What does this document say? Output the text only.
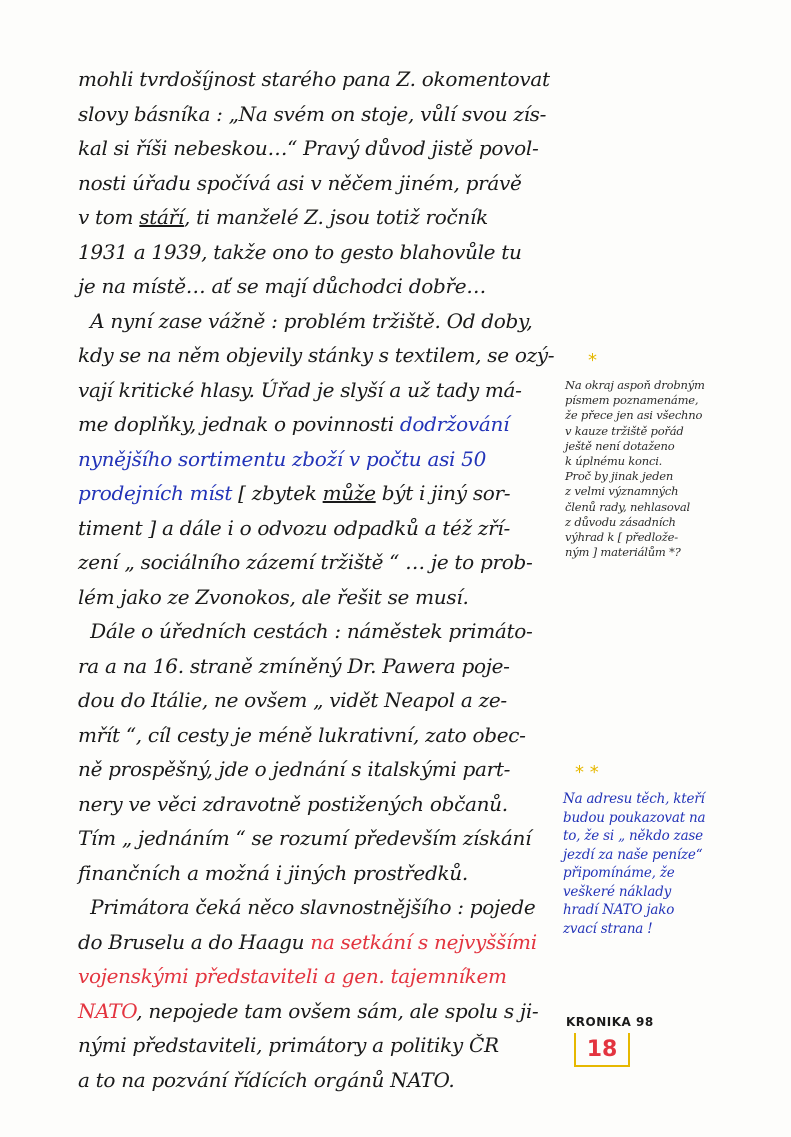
mohli tvrdošíjnost starého pana Z. okomentovat
slovy básníka : „Na svém on stoje, vůlí svou zís-
kal si říši nebeskou…“ Pravý důvod jistě povol-
nosti úřadu spočívá asi v něčem jiném, právě
v tom stáří, ti manželé Z. jsou totiž ročník
1931 a 1939, takže ono to gesto blahovůle tu
je na místě… ať se mají důchodci dobře…
A nyní zase vážně : problém tržiště. Od doby,
kdy se na něm objevily stánky s textilem, se ozý-
vají kritické hlasy. Úřad je slyší a už tady má-
me doplňky, jednak o povinnosti dodržování
nynějšího sortimentu zboží v počtu asi 50
prodejních míst [ zbytek může být i jiný sor-
timent ] a dále i o odvozu odpadků a též zří-
zení „ sociálního zázemí tržiště “ … je to prob-
lém jako ze Zvonokos, ale řešit se musí.
Dále o úředních cestách : náměstek primáto-
ra a na 16. straně zmíněný Dr. Pawera poje-
dou do Itálie, ne ovšem „ vidět Neapol a ze-
mřít “, cíl cesty je méně lukrativní, zato obec-
ně prospěšný, jde o jednání s italskými part-
nery ve věci zdravotně postižených občanů.
Tím „ jednáním “ se rozumí především získání
finančních a možná i jiných prostředků.
Primátora čeká něco slavnostnějšího : pojede
do Bruselu a do Haagu na setkání s nejvyššími
vojenskými představiteli a gen. tajemníkem
NATO, nepojede tam ovšem sám, ale spolu s ji-
nými představiteli, primátory a politiky ČR
a to na pozvání řídících orgánů NATO.
*
Na okraj aspoň drobným
písmem poznamenáme,
že přece jen asi všechno
v kauze tržiště pořád
ještě není dotaženo
k úplnému konci.
Proč by jinak jeden
z velmi významných
členů rady, nehlasoval
z důvodu zásadních
výhrad k [ předlože-
ným ] materiálům *?
* *
Na adresu těch, kteří
budou poukazovat na
to, že si „ někdo zase
jezdí za naše peníze“
připomínáme, že
veškeré náklady
hradí NATO jako
zvací strana !
KRONIKA 98
18
